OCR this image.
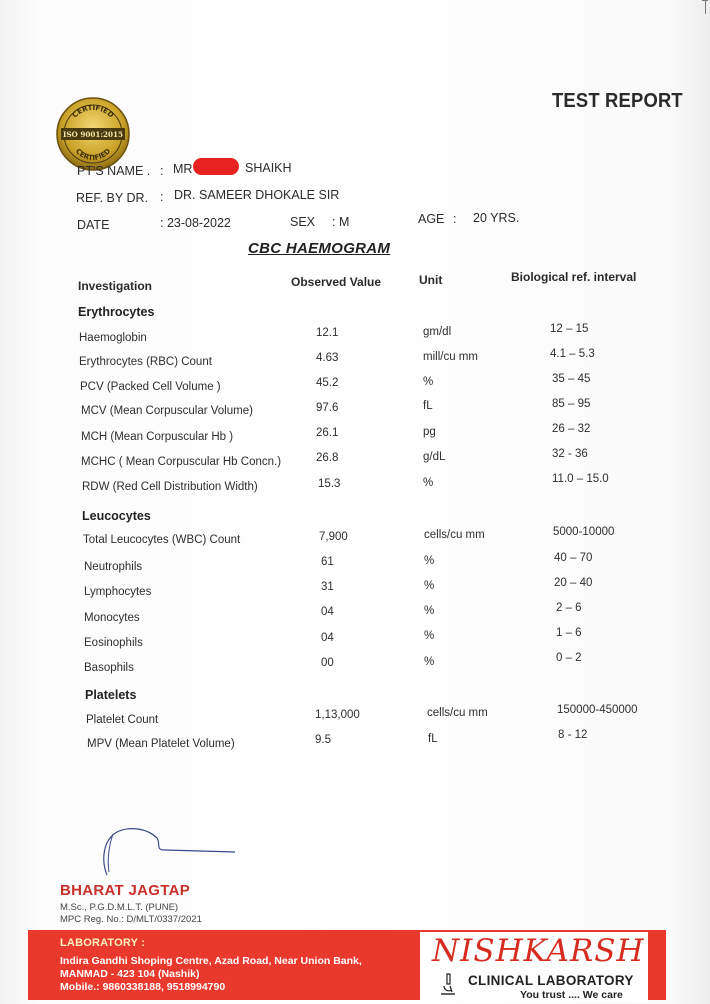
CERTIFIED
ISO 9001:2015
CERTIFIED
TEST REPORT
PT'S NAME . : MR	SHAIKH
REF. BY DR. : DR. SAMEER DHOKALE SIR
DATE	: 23-08-2022	SEX : M	AGE : 20 YRS.
CBC HAEMOGRAM
Investigation	Observed Value	Unit	Biological ref. interval
Erythrocytes
Haemoglobin	12.1	gm/dl	12 – 15
Erythrocytes (RBC) Count	4.63	mill/cu mm	4.1 – 5.3
PCV (Packed Cell Volume )	45.2	%	35 – 45
MCV (Mean Corpuscular Volume)	97.6	fL	85 – 95
MCH (Mean Corpuscular Hb )	26.1	pg	26 – 32
MCHC ( Mean Corpuscular Hb Concn.)	26.8	g/dL	32 - 36
RDW (Red Cell Distribution Width)	15.3	%	11.0 – 15.0
Leucocytes
Total Leucocytes (WBC) Count	7,900	cells/cu mm	5000-10000
Neutrophils	61	%	40 – 70
Lymphocytes	31	%	20 – 40
Monocytes	04	%	2 – 6
Eosinophils	04	%	1 – 6
Basophils	00	%	0 – 2
Platelets
Platelet Count	1,13,000	cells/cu mm	150000-450000
MPV (Mean Platelet Volume)	9.5	fL	8 - 12
BHARAT JAGTAP
M.Sc., P.G.D.M.L.T. (PUNE)
MPC Reg. No.: D/MLT/0337/2021
LABORATORY :
Indira Gandhi Shoping Centre, Azad Road, Near Union Bank,
MANMAD - 423 104 (Nashik)
Mobile.: 9860338188, 9518994790
NISHKARSH
CLINICAL LABORATORY
You trust .... We care
